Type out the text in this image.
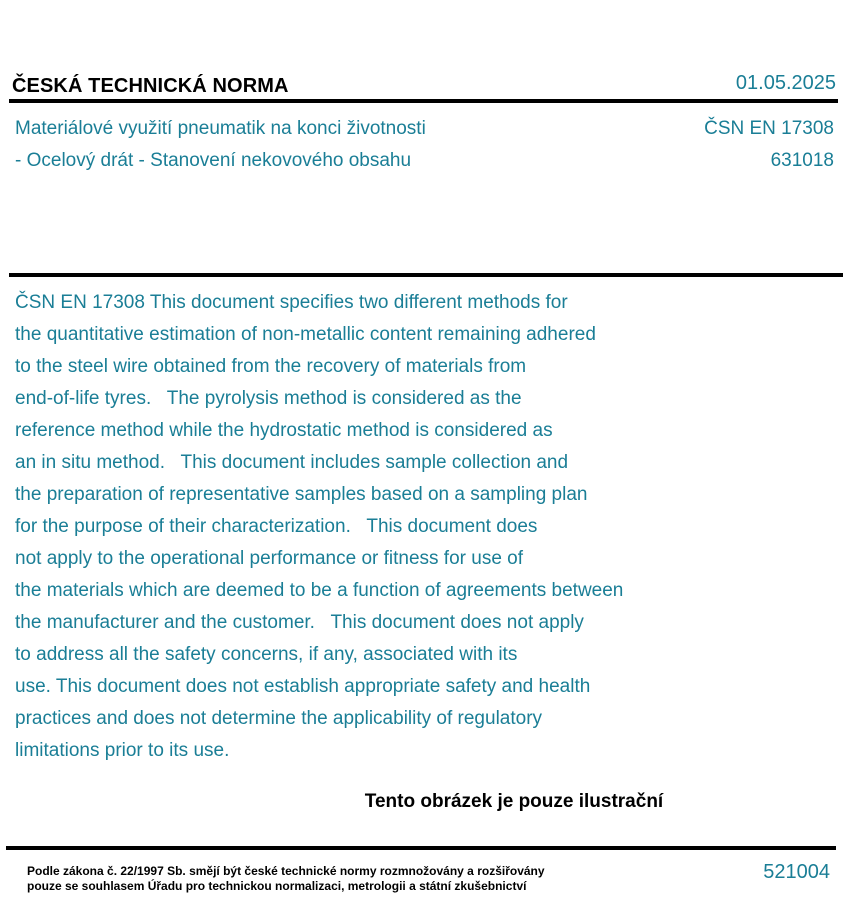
ČESKÁ TECHNICKÁ NORMA	01.05.2025
Materiálové využití pneumatik na konci životnosti
- Ocelový drát - Stanovení nekovového obsahu
ČSN EN 17308
631018
ČSN EN 17308 This document specifies two different methods for
the quantitative estimation of non-metallic content remaining adhered
to the steel wire obtained from the recovery of materials from
end-of-life tyres.   The pyrolysis method is considered as the
reference method while the hydrostatic method is considered as
an in situ method.   This document includes sample collection and
the preparation of representative samples based on a sampling plan
for the purpose of their characterization.   This document does
not apply to the operational performance or fitness for use of
the materials which are deemed to be a function of agreements between
the manufacturer and the customer.   This document does not apply
to address all the safety concerns, if any, associated with its
use. This document does not establish appropriate safety and health
practices and does not determine the applicability of regulatory
limitations prior to its use.
Tento obrázek je pouze ilustrační
Podle zákona č. 22/1997 Sb. smějí být české technické normy rozmnožovány a rozšiřovány
pouze se souhlasem Úřadu pro technickou normalizaci, metrologii a státní zkušebnictví
521004
